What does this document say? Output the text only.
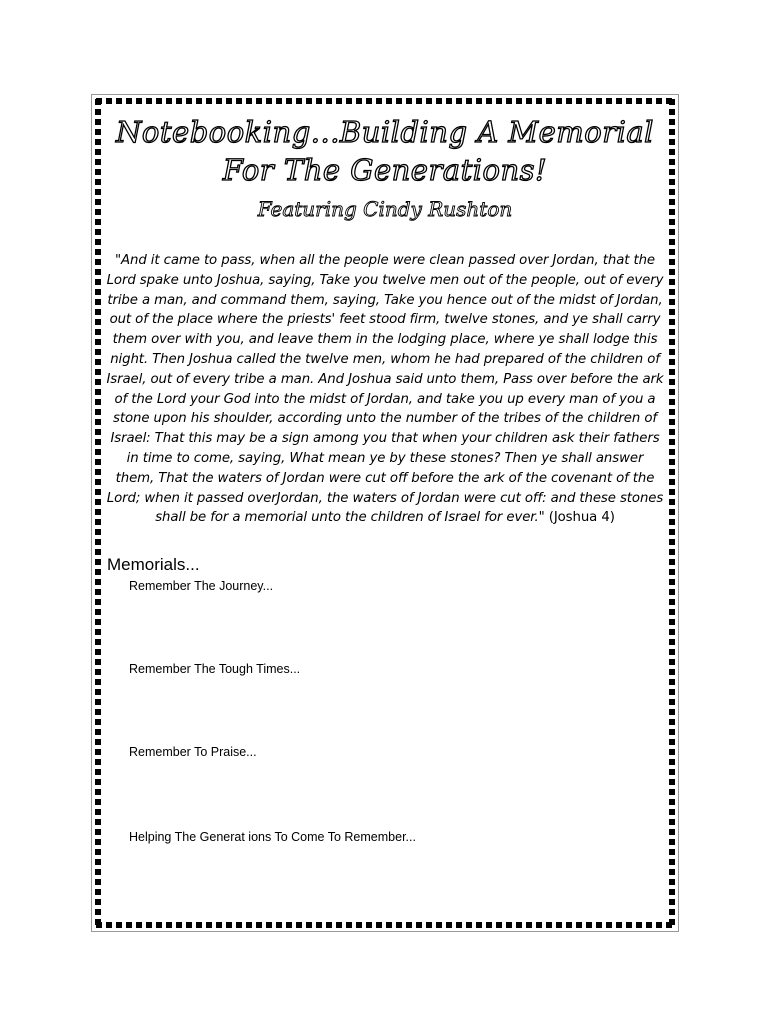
Notebooking...Building A Memorial
For The Generations!
Featuring Cindy Rushton
"And it came to pass, when all the people were clean passed over Jordan, that the Lord spake unto Joshua, saying, Take you twelve men out of the people, out of every tribe a man, and command them, saying, Take you hence out of the midst of Jordan, out of the place where the priests' feet stood firm, twelve stones, and ye shall carry them over with you, and leave them in the lodging place, where ye shall lodge this night. Then Joshua called the twelve men, whom he had prepared of the children of Israel, out of every tribe a man. And Joshua said unto them, Pass over before the ark of the Lord your God into the midst of Jordan, and take you up every man of you a stone upon his shoulder, according unto the number of the tribes of the children of Israel: That this may be a sign among you that when your children ask their fathers in time to come, saying, What mean ye by these stones? Then ye shall answer them, That the waters of Jordan were cut off before the ark of the covenant of the Lord; when it passed overJordan, the waters of Jordan were cut off: and these stones shall be for a memorial unto the children of Israel for ever." (Joshua 4)
Memorials...
Remember The Journey...
Remember The Tough Times...
Remember To Praise...
Helping The Generat ions To Come To Remember...
